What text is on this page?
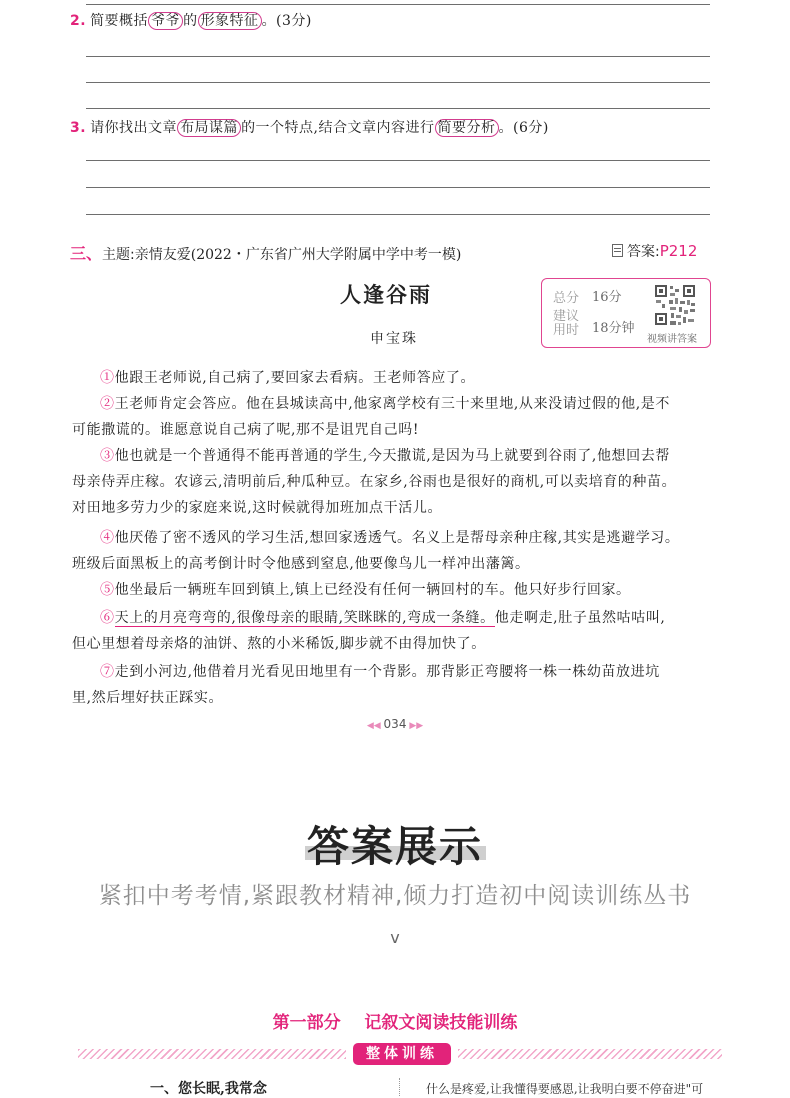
2. 简要概括 爷爷 的 形象特征 。(3分)
3. 请你找出文章 布局谋篇 的一个特点,结合文章内容进行 简要分析 。(6分)
三、主题:亲情友爱(2022・广东省广州大学附属中学中考一模)	答案:P212
人逢谷雨
申宝珠
总分 16分
建议
用时 18分钟
视频讲答案
①他跟王老师说,自己病了,要回家去看病。王老师答应了。
②王老师肯定会答应。他在县城读高中,他家离学校有三十来里地,从来没请过假的他,是不
可能撒谎的。谁愿意说自己病了呢,那不是诅咒自己吗!
③他也就是一个普通得不能再普通的学生,今天撒谎,是因为马上就要到谷雨了,他想回去帮
母亲侍弄庄稼。农谚云,清明前后,种瓜种豆。在家乡,谷雨也是很好的商机,可以卖培育的种苗。
对田地多劳力少的家庭来说,这时候就得加班加点干活儿。
④他厌倦了密不透风的学习生活,想回家透透气。名义上是帮母亲种庄稼,其实是逃避学习。
班级后面黑板上的高考倒计时令他感到窒息,他要像鸟儿一样冲出藩篱。
⑤他坐最后一辆班车回到镇上,镇上已经没有任何一辆回村的车。他只好步行回家。
⑥天上的月亮弯弯的,很像母亲的眼睛,笑眯眯的,弯成一条缝。他走啊走,肚子虽然咕咕叫,
但心里想着母亲烙的油饼、熬的小米稀饭,脚步就不由得加快了。
⑦走到小河边,他借着月光看见田地里有一个背影。那背影正弯腰将一株一株幼苗放进坑
里,然后埋好扶正踩实。
◀◀ 034 ▶▶
答案展示
紧扣中考考情,紧跟教材精神,倾力打造初中阅读训练丛书
v
第一部分    记叙文阅读技能训练
整体训练
一、您长眠,我常念	什么是疼爱,让我懂得要感恩,让我明白要不停奋进"可
